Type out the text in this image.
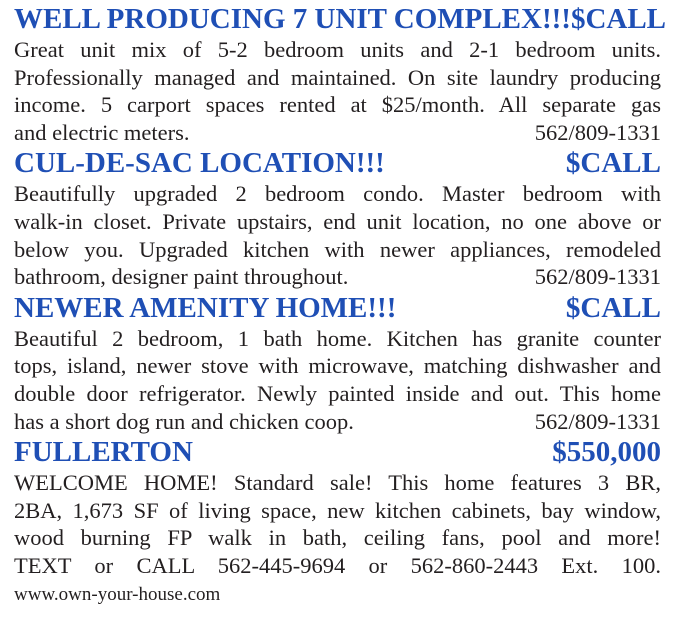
WELL PRODUCING 7 UNIT COMPLEX!!! $CALL
Great unit mix of 5-2 bedroom units and 2-1 bedroom units.
Professionally managed and maintained. On site laundry producing
income. 5 carport spaces rented at $25/month. All separate gas
and electric meters.	562/809-1331
CUL-DE-SAC LOCATION!!!	$CALL
Beautifully upgraded 2 bedroom condo. Master bedroom with
walk-in closet. Private upstairs, end unit location, no one above or
below you. Upgraded kitchen with newer appliances, remodeled
bathroom, designer paint throughout.	562/809-1331
NEWER AMENITY HOME!!!	$CALL
Beautiful 2 bedroom, 1 bath home. Kitchen has granite counter
tops, island, newer stove with microwave, matching dishwasher and
double door refrigerator. Newly painted inside and out. This home
has a short dog run and chicken coop.	562/809-1331
FULLERTON	$550,000
WELCOME HOME! Standard sale! This home features 3 BR,
2BA, 1,673 SF of living space, new kitchen cabinets, bay window,
wood burning FP walk in bath, ceiling fans, pool and more!
TEXT or CALL 562-445-9694 or 562-860-2443 Ext. 100.
www.own-your-house.com
